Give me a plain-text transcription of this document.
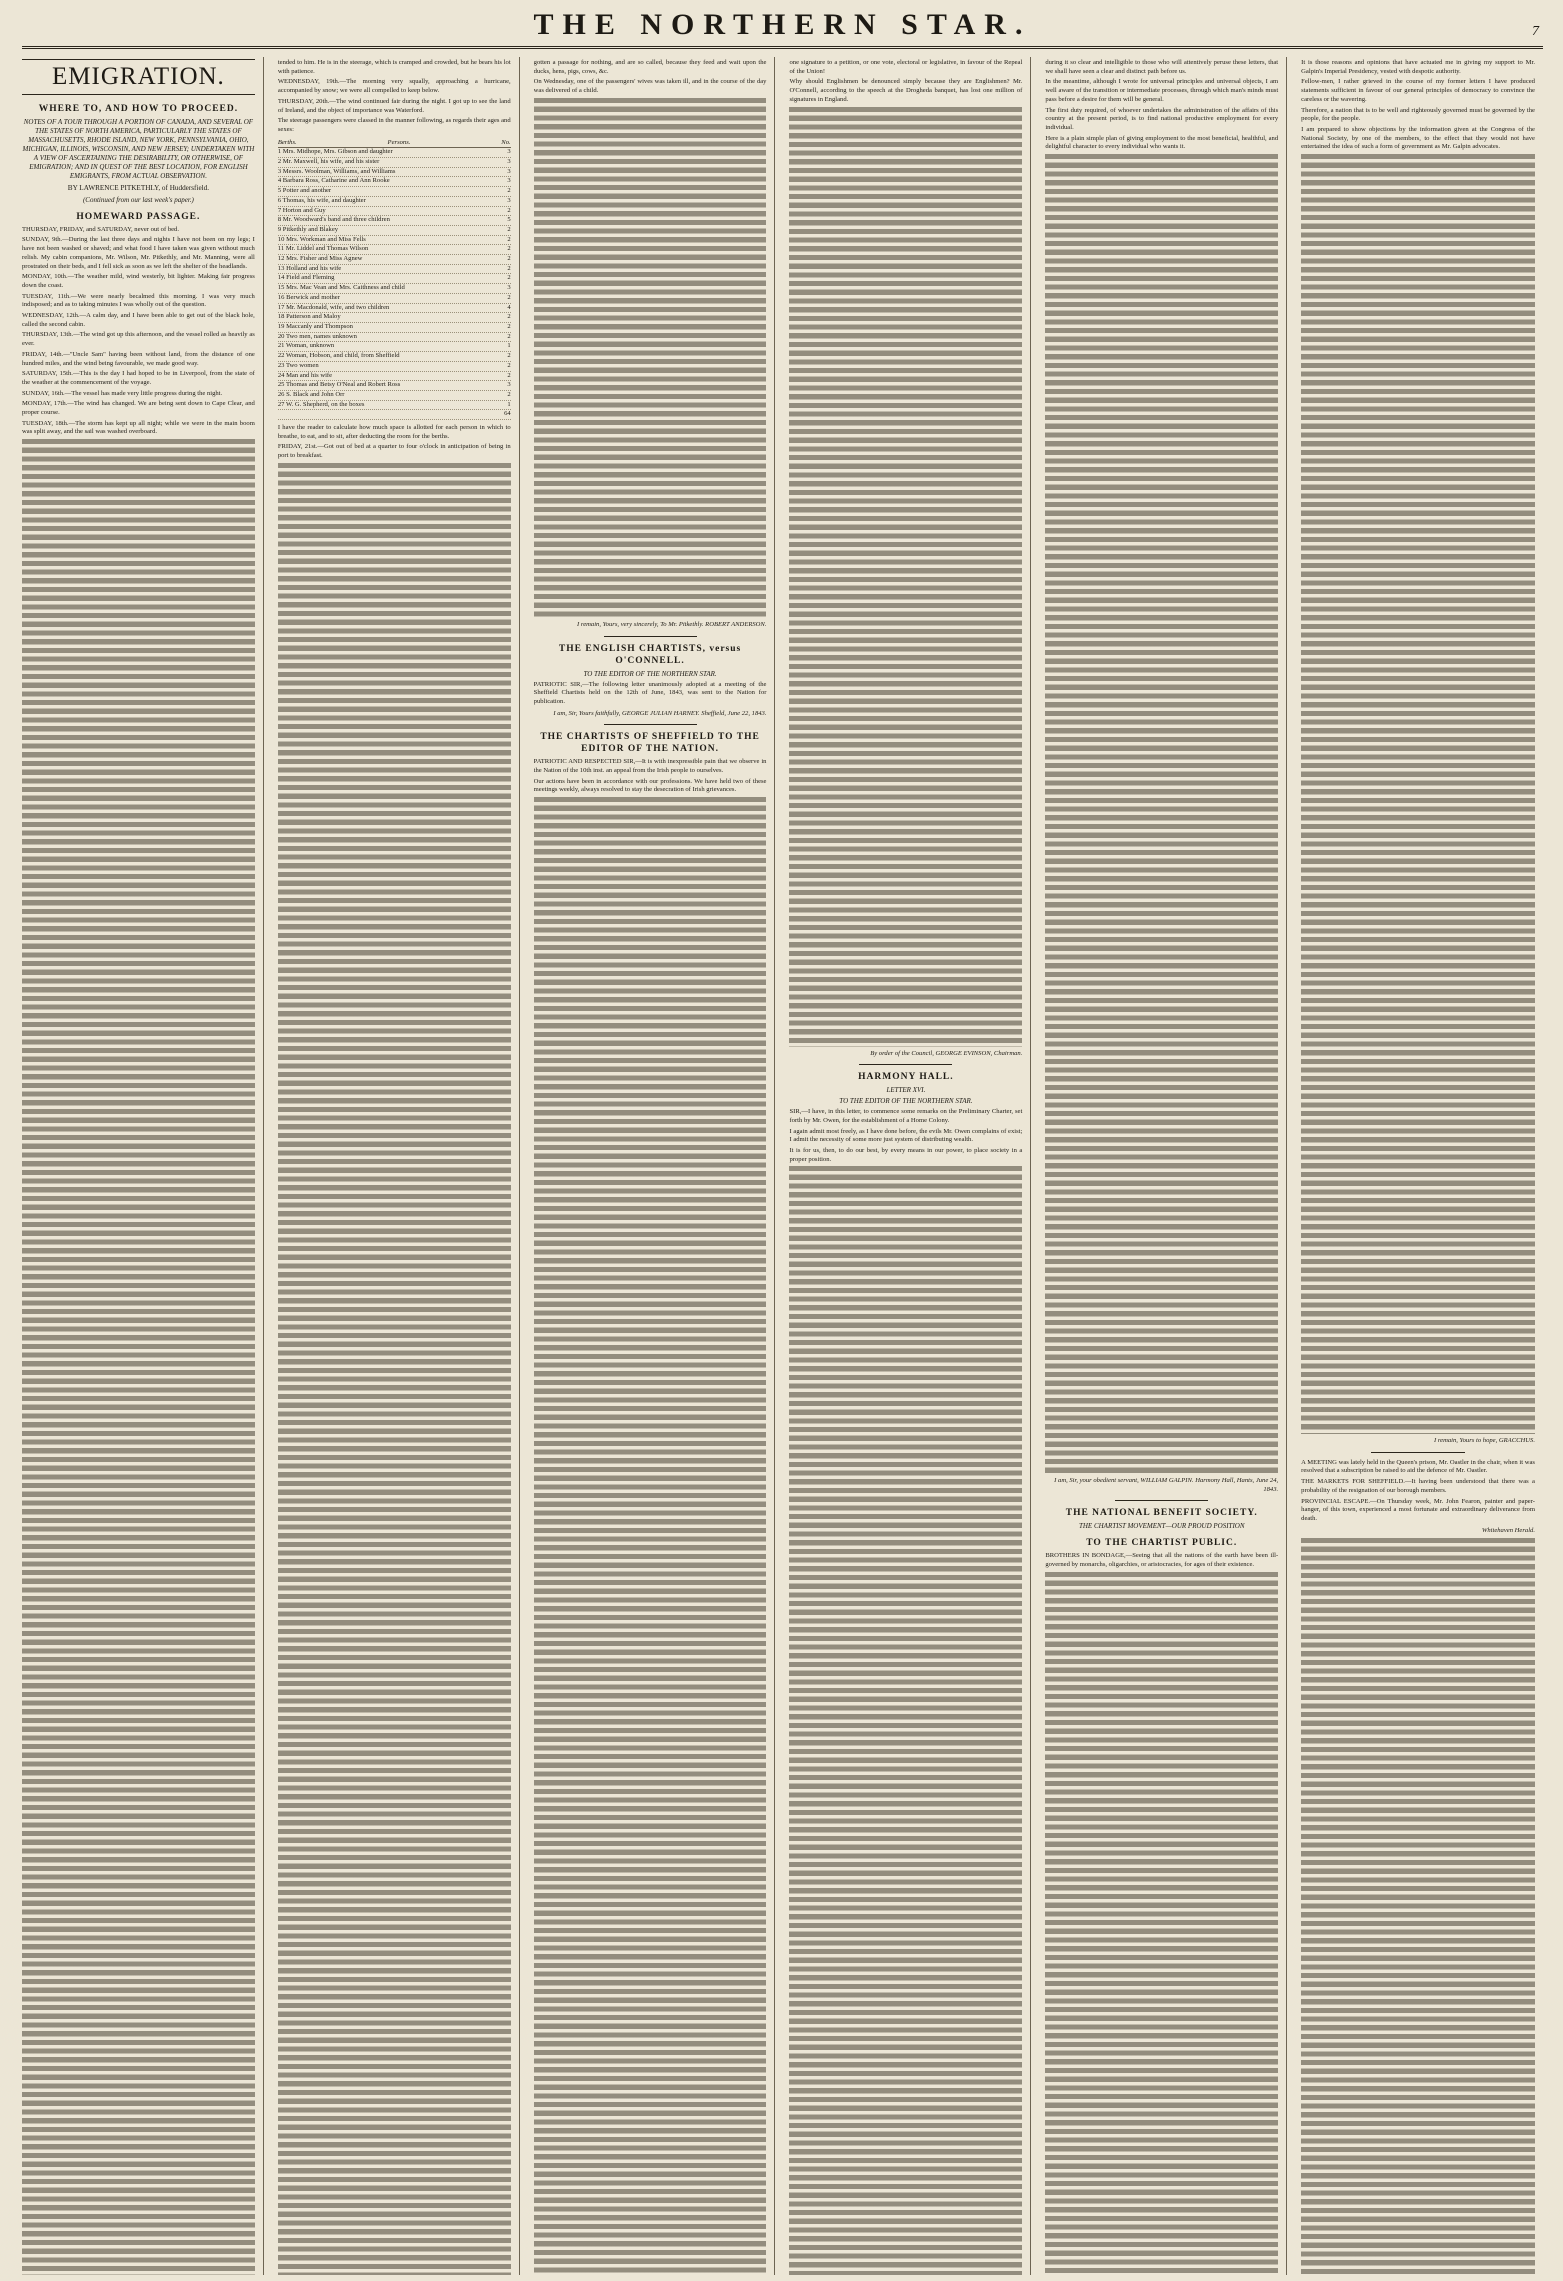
THE NORTHERN STAR.	7
EMIGRATION.
WHERE TO, AND HOW TO PROCEED.
NOTES OF A TOUR THROUGH A PORTION OF CANADA, AND SEVERAL OF THE STATES OF NORTH AMERICA, PARTICULARLY THE STATES OF MASSACHUSETTS, RHODE ISLAND, NEW YORK, PENNSYLVANIA, OHIO, MICHIGAN, ILLINOIS, WISCONSIN, AND NEW JERSEY; UNDERTAKEN WITH A VIEW OF ASCERTAINING THE DESIRABILITY, OR OTHERWISE, OF EMIGRATION; AND IN QUEST OF THE BEST LOCATION, FOR ENGLISH EMIGRANTS, FROM ACTUAL OBSERVATION.
BY LAWRENCE PITKETHLY, of Huddersfield.
(Continued from our last week's paper.)
HOMEWARD PASSAGE.

THURSDAY, FRIDAY, and SATURDAY, never out of bed.

SUNDAY, 9th.—During the last three days and nights I have not been on my legs; I have not been washed or shaved; and what food I have taken was given without much relish. My cabin companions, Mr. Wilson, Mr. Pitkethly, and Mr. Manning, were all prostrated on their beds, and I fell sick as soon as we left the shelter of the headlands.

MONDAY, 10th.—The weather mild, wind westerly, bit lighter. Making fair progress down the coast.

TUESDAY, 11th.—We were nearly becalmed this morning. I was very much indisposed; and as to taking minutes I was wholly out of the question.

WEDNESDAY, 12th.—A calm day, and I have been able to get out of the black hole, called the second cabin.

THURSDAY, 13th.—The wind got up this afternoon, and the vessel rolled as heavily as ever.

FRIDAY, 14th.—"Uncle Sam" having been without land, from the distance of one hundred miles, and the wind being favourable, we made good way.

SATURDAY, 15th.—This is the day I had hoped to be in Liverpool, from the state of the weather at the commencement of the voyage.

SUNDAY, 16th.—The vessel has made very little progress during the night.

MONDAY, 17th.—The wind has changed. We are being sent down to Cape Clear, and proper course.

TUESDAY, 18th.—The storm has kept up all night; while we were in the main boom was split away, and the sail was washed overboard.

tended to him. He is in the steerage, which is cramped and crowded, but he bears his lot with patience.

WEDNESDAY, 19th.—The morning very squally, approaching a hurricane, accompanied by snow; we were all compelled to keep below.

THURSDAY, 20th.—The wind continued fair during the night. I got up to see the land of Ireland, and the object of importance was Waterford.

The steerage passengers were classed in the manner following, as regards their ages and sexes:

Berths.	Persons.	No.
1 Mrs. Midhope, Mrs. Gibson and daughter	3
2 Mr. Maxwell, his wife, and his sister	3
3 Messrs. Woolman, Williams, and Williams	3
4 Barbara Ross, Catharine and Ann Rooke	3
5 Potter and another	2
6 Thomas, his wife, and daughter	3
7 Horton and Guy	2
8 Mr. Woodward's band and three children	5
9 Pitkethly and Blakey	2
10 Mrs. Workman and Miss Fells	2
11 Mr. Liddel and Thomas Wilson	2
12 Mrs. Fisher and Miss Agnew	2
13 Holland and his wife	2
14 Field and Fleming	2
15 Mrs. Mac Vean and Mrs. Caithness and child	3
16 Berwick and mother	2
17 Mr. Macdonald, wife, and two children	4
18 Patterson and Maloy	2
19 Maccanly and Thompson	2
20 Two men, names unknown	2
21 Woman, unknown	1
22 Woman, Hobson, and child, from Sheffield	2
23 Two women	2
24 Man and his wife	2
25 Thomas and Betsy O'Neal and Robert Ross	3
26 S. Black and John Orr	2
27 W. G. Shepherd, on the boxes	1
64

I have the reader to calculate how much space is allotted for each person in which to breathe, to eat, and to sit, after deducting the room for the berths.

FRIDAY, 21st.—Got out of bed at a quarter to four o'clock in anticipation of being in port to breakfast.

gotten a passage for nothing, and are so called, because they feed and wait upon the ducks, hens, pigs, cows, &c.

On Wednesday, one of the passengers' wives was taken ill, and in the course of the day was delivered of a child.

I remain, Yours, very sincerely, To Mr. Pitkethly. ROBERT ANDERSON.
THE ENGLISH CHARTISTS, versus O'CONNELL.
TO THE EDITOR OF THE NORTHERN STAR.

PATRIOTIC SIR,—The following letter unanimously adopted at a meeting of the Sheffield Chartists held on the 12th of June, 1843, was sent to the Nation for publication.

I am, Sir, Yours faithfully, GEORGE JULIAN HARNEY. Sheffield, June 22, 1843.
THE CHARTISTS OF SHEFFIELD TO THE EDITOR OF THE NATION.

PATRIOTIC AND RESPECTED SIR,—It is with inexpressible pain that we observe in the Nation of the 10th inst. an appeal from the Irish people to ourselves.

Our actions have been in accordance with our professions. We have held two of these meetings weekly, always resolved to stay the desecration of Irish grievances.

one signature to a petition, or one vote, electoral or legislative, in favour of the Repeal of the Union!

Why should Englishmen be denounced simply because they are Englishmen? Mr. O'Connell, according to the speech at the Drogheda banquet, has lost one million of signatures in England.

By order of the Council, GEORGE EVINSON, Chairman.
HARMONY HALL.
LETTER XVI.
TO THE EDITOR OF THE NORTHERN STAR.

SIR,—I have, in this letter, to commence some remarks on the Preliminary Charter, set forth by Mr. Owen, for the establishment of a Home Colony.

I again admit most freely, as I have done before, the evils Mr. Owen complains of exist; I admit the necessity of some more just system of distributing wealth.

It is for us, then, to do our best, by every means in our power, to place society in a proper position.

during it so clear and intelligible to those who will attentively peruse these letters, that we shall have seen a clear and distinct path before us.

In the meantime, although I wrote for universal principles and universal objects, I am well aware of the transition or intermediate processes, through which man's minds must pass before a desire for them will be general.

The first duty required, of whoever undertakes the administration of the affairs of this country at the present period, is to find national productive employment for every individual.

Here is a plain simple plan of giving employment to the most beneficial, healthful, and delightful character to every individual who wants it.

I am, Sir, your obedient servant, WILLIAM GALPIN. Harmony Hall, Hants, June 24, 1843.
THE NATIONAL BENEFIT SOCIETY.
THE CHARTIST MOVEMENT—OUR PROUD POSITION
TO THE CHARTIST PUBLIC.

BROTHERS IN BONDAGE,—Seeing that all the nations of the earth have been ill-governed by monarchs, oligarchies, or aristocracies, for ages of their existence.

It is those reasons and opinions that have actuated me in giving my support to Mr. Galpin's Imperial Presidency, vested with despotic authority.

Fellow-men, I rather grieved in the course of my former letters I have produced statements sufficient in favour of our general principles of democracy to convince the careless or the wavering.

Therefore, a nation that is to be well and righteously governed must be governed by the people, for the people.

I am prepared to show objections by the information given at the Congress of the National Society, by one of the members, to the effect that they would not have entertained the idea of such a form of government as Mr. Galpin advocates.

I remain, Yours to hope, GRACCHUS.

A MEETING was lately held in the Queen's prison, Mr. Oastler in the chair, when it was resolved that a subscription be raised to aid the defence of Mr. Oastler.

THE MARKETS FOR SHEFFIELD.—It having been understood that there was a probability of the resignation of our borough members.

PROVINCIAL ESCAPE.—On Thursday week, Mr. John Fearon, painter and paper-hanger, of this town, experienced a most fortunate and extraordinary deliverance from death.

Whitehaven Herald.
